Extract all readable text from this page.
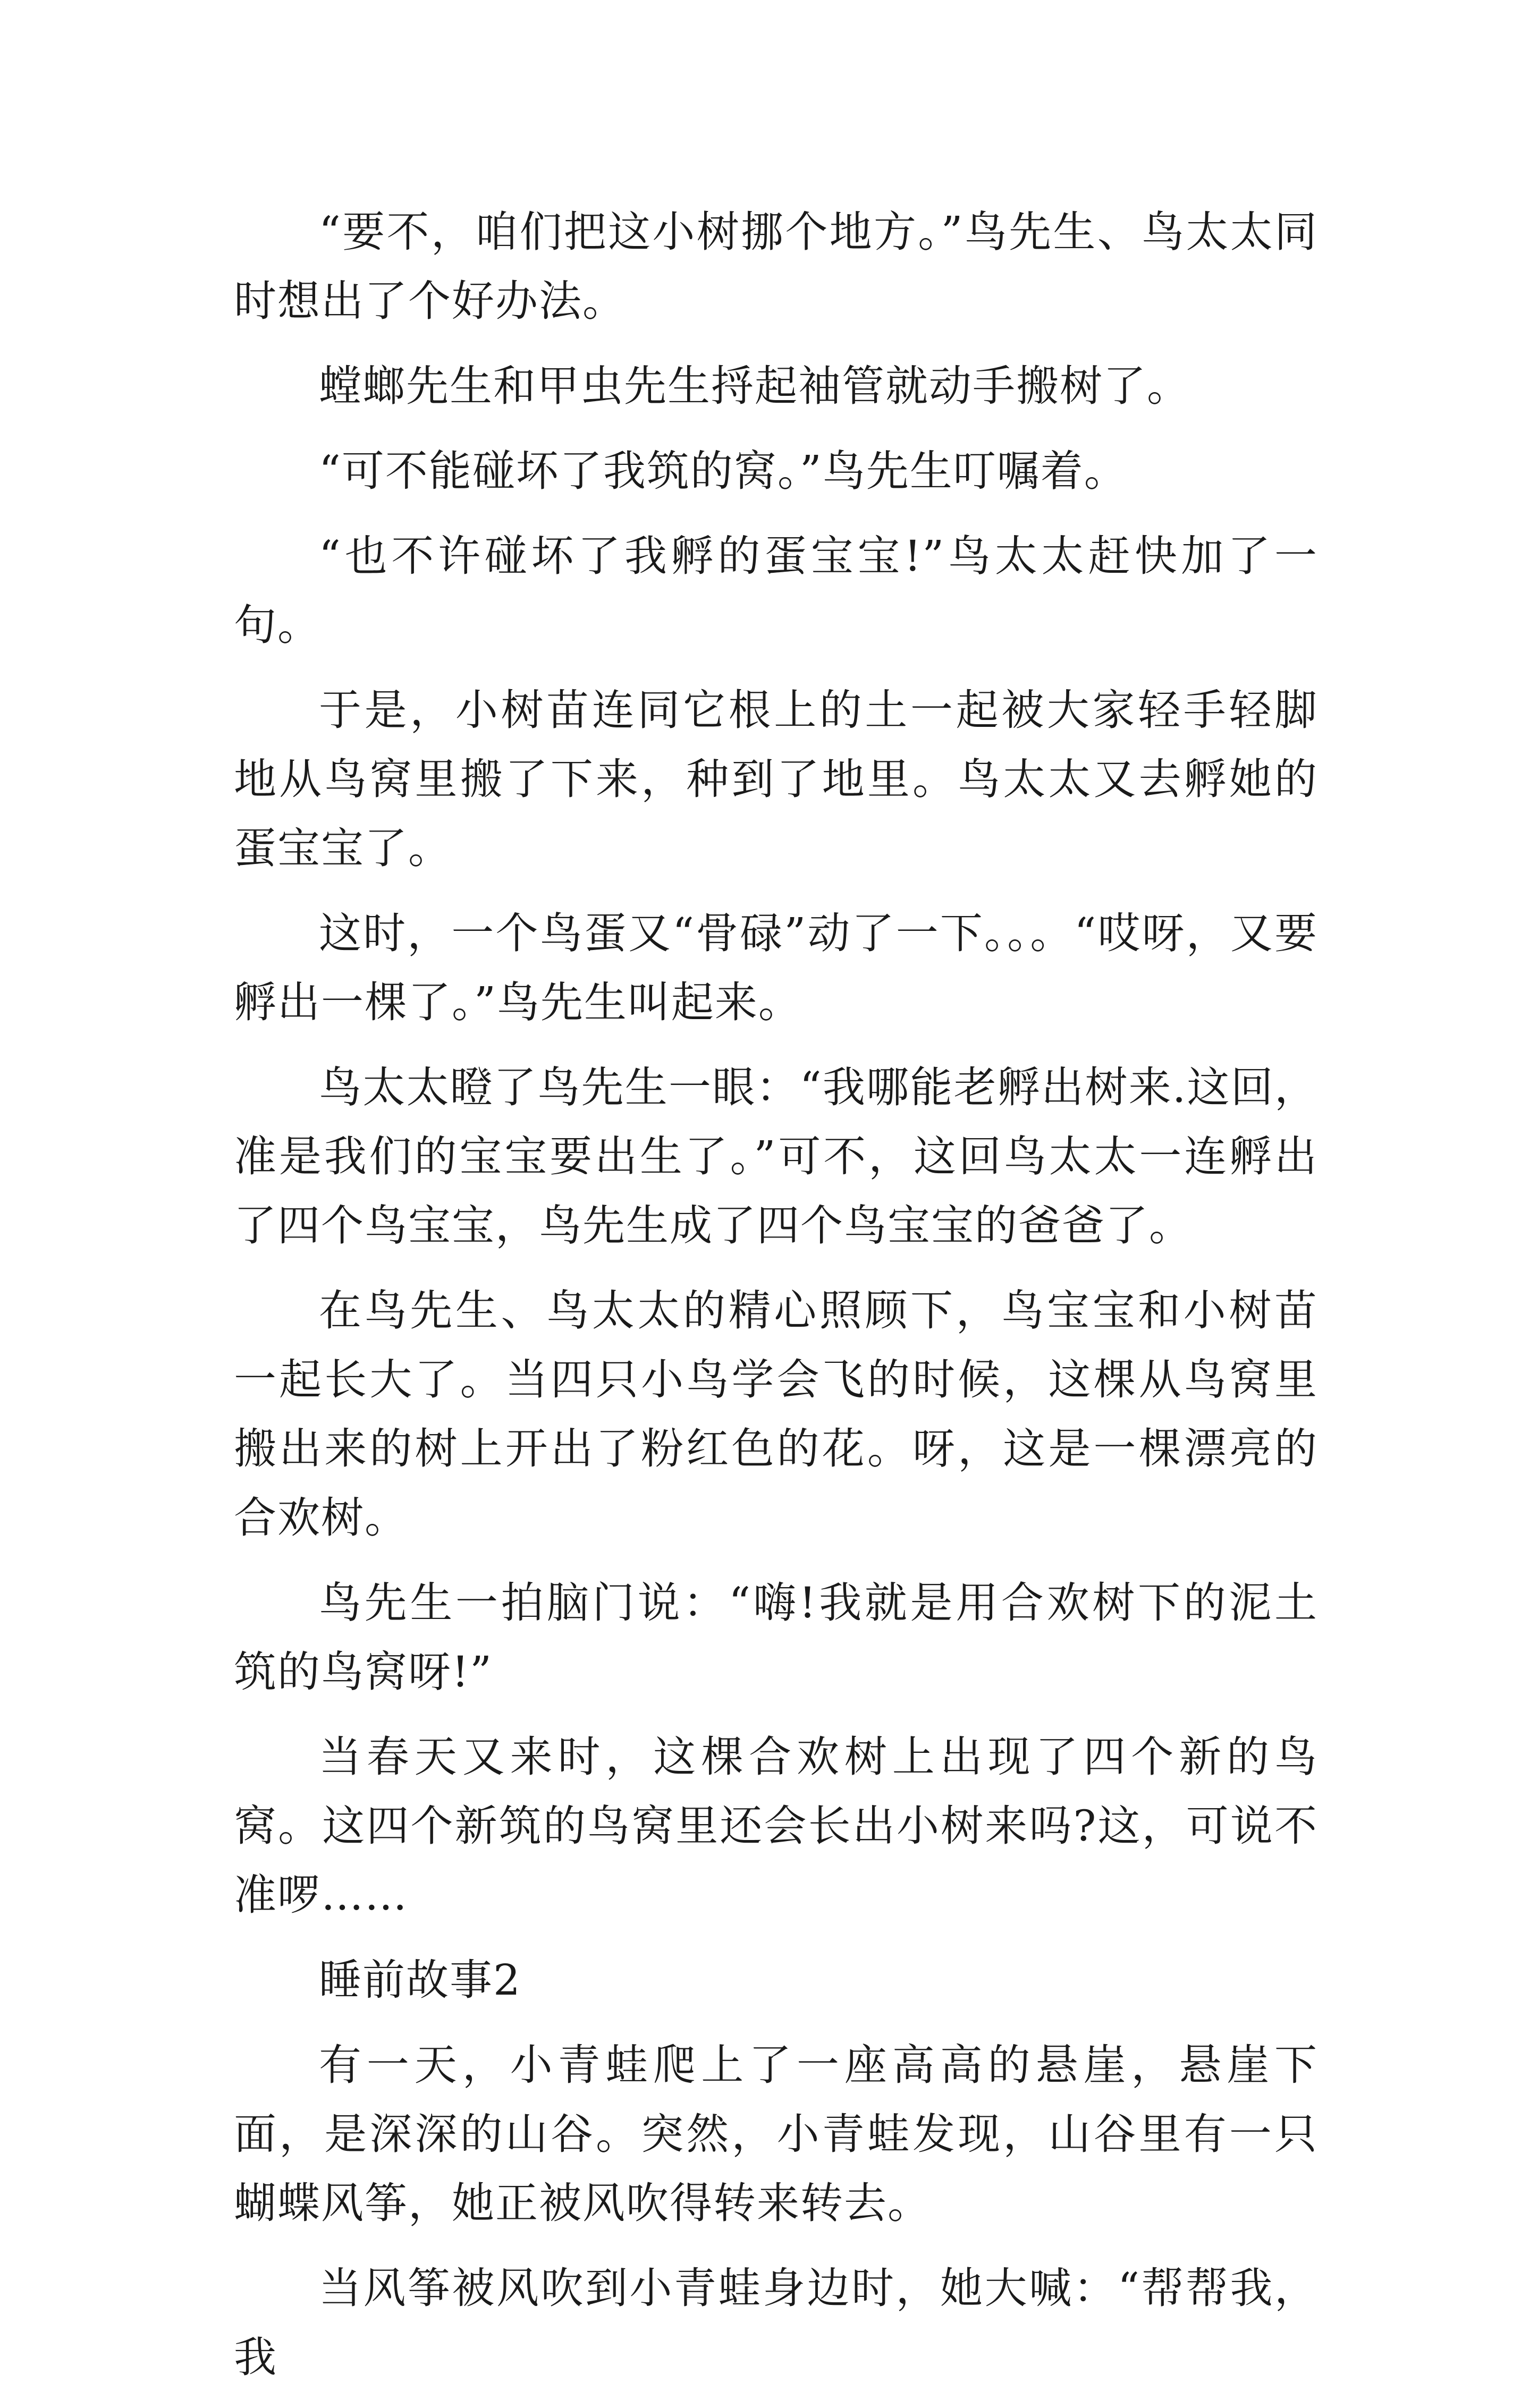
“要不，咱们把这小树挪个地方。”鸟先生、鸟太太同时想出了个好办法。

螳螂先生和甲虫先生捋起袖管就动手搬树了。

“可不能碰坏了我筑的窝。”鸟先生叮嘱着。

“也不许碰坏了我孵的蛋宝宝!”鸟太太赶快加了一句。

于是，小树苗连同它根上的土一起被大家轻手轻脚地从鸟窝里搬了下来，种到了地里。鸟太太又去孵她的蛋宝宝了。

这时，一个鸟蛋又“骨碌”动了一下。。。“哎呀，又要孵出一棵了。”鸟先生叫起来。

鸟太太瞪了鸟先生一眼：“我哪能老孵出树来.这回，准是我们的宝宝要出生了。”可不，这回鸟太太一连孵出了四个鸟宝宝，鸟先生成了四个鸟宝宝的爸爸了。

在鸟先生、鸟太太的精心照顾下，鸟宝宝和小树苗一起长大了。当四只小鸟学会飞的时候，这棵从鸟窝里搬出来的树上开出了粉红色的花。呀，这是一棵漂亮的合欢树。

鸟先生一拍脑门说：“嗨!我就是用合欢树下的泥土筑的鸟窝呀!”

当春天又来时，这棵合欢树上出现了四个新的鸟窝。这四个新筑的鸟窝里还会长出小树来吗?这，可说不准啰……

睡前故事2

有一天，小青蛙爬上了一座高高的悬崖，悬崖下面，是深深的山谷。突然，小青蛙发现，山谷里有一只蝴蝶风筝，她正被风吹得转来转去。

当风筝被风吹到小青蛙身边时，她大喊：“帮帮我，我
